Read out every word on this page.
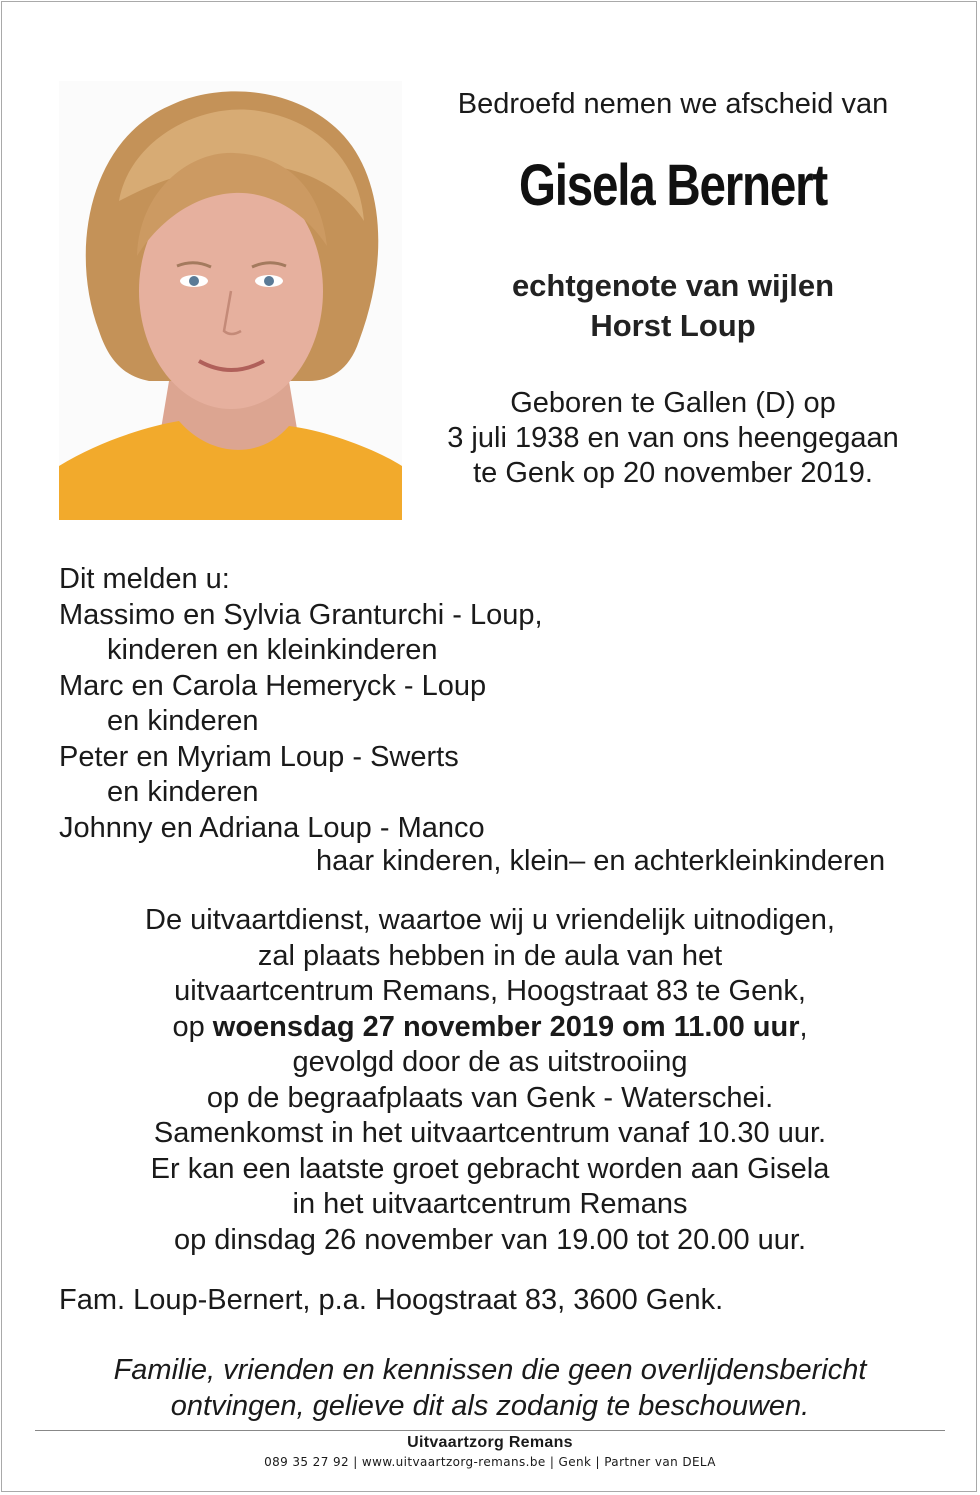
Bedroefd nemen we afscheid van
Gisela Bernert
echtgenote van wijlen
Horst Loup
Geboren te Gallen (D) op
3 juli 1938 en van ons heengegaan
te Genk op 20 november 2019.
Dit melden u:
Massimo en Sylvia Granturchi - Loup,
kinderen en kleinkinderen
Marc en Carola Hemeryck - Loup
en kinderen
Peter en Myriam Loup - Swerts
en kinderen
Johnny en Adriana Loup - Manco
haar kinderen, klein– en achterkleinkinderen
De uitvaartdienst, waartoe wij u vriendelijk uitnodigen,
zal plaats hebben in de aula van het
uitvaartcentrum Remans, Hoogstraat 83 te Genk,
op woensdag 27 november 2019 om 11.00 uur,
gevolgd door de as uitstrooiing
op de begraafplaats van Genk - Waterschei.
Samenkomst in het uitvaartcentrum vanaf 10.30 uur.
Er kan een laatste groet gebracht worden aan Gisela
in het uitvaartcentrum Remans
op dinsdag 26 november van 19.00 tot 20.00 uur.
Fam. Loup-Bernert, p.a. Hoogstraat 83, 3600 Genk.
Familie, vrienden en kennissen die geen overlijdensbericht
ontvingen, gelieve dit als zodanig te beschouwen.
Uitvaartzorg Remans
089 35 27 92 | www.uitvaartzorg-remans.be | Genk | Partner van DELA
